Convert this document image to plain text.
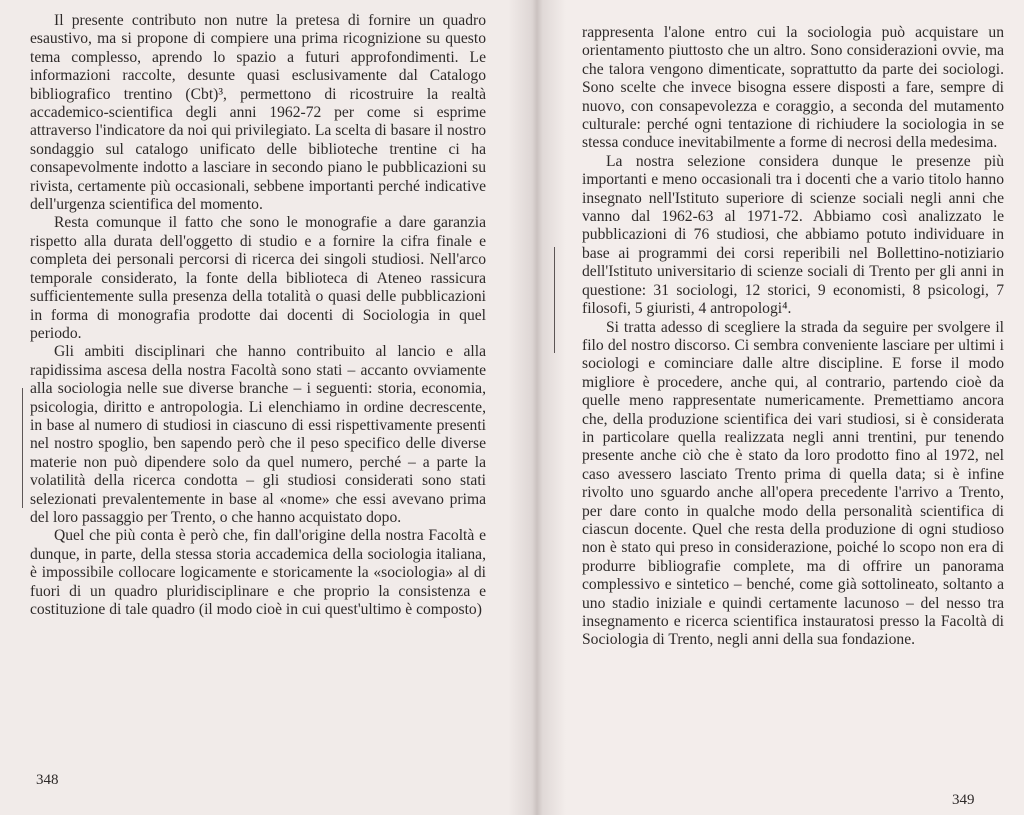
Il presente contributo non nutre la pretesa di fornire un quadro esaustivo, ma si propone di compiere una prima ricognizione su questo tema complesso, aprendo lo spazio a futuri approfondimenti. Le informazioni raccolte, desunte quasi esclusivamente dal Catalogo bibliografico trentino (Cbt)³, permettono di ricostruire la realtà accademico-scientifica degli anni 1962-72 per come si esprime attraverso l'indicatore da noi qui privilegiato. La scelta di basare il nostro sondaggio sul catalogo unificato delle biblioteche trentine ci ha consapevolmente indotto a lasciare in secondo piano le pubblicazioni su rivista, certamente più occasionali, sebbene importanti perché indicative dell'urgenza scientifica del momento.

Resta comunque il fatto che sono le monografie a dare garanzia rispetto alla durata dell'oggetto di studio e a fornire la cifra finale e completa dei personali percorsi di ricerca dei singoli studiosi. Nell'arco temporale considerato, la fonte della biblioteca di Ateneo rassicura sufficientemente sulla presenza della totalità o quasi delle pubblicazioni in forma di monografia prodotte dai docenti di Sociologia in quel periodo.

Gli ambiti disciplinari che hanno contribuito al lancio e alla rapidissima ascesa della nostra Facoltà sono stati – accanto ovviamente alla sociologia nelle sue diverse branche – i seguenti: storia, economia, psicologia, diritto e antropologia. Li elenchiamo in ordine decrescente, in base al numero di studiosi in ciascuno di essi rispettivamente presenti nel nostro spoglio, ben sapendo però che il peso specifico delle diverse materie non può dipendere solo da quel numero, perché – a parte la volatilità della ricerca condotta – gli studiosi considerati sono stati selezionati prevalentemente in base al «nome» che essi avevano prima del loro passaggio per Trento, o che hanno acquistato dopo.

Quel che più conta è però che, fin dall'origine della nostra Facoltà e dunque, in parte, della stessa storia accademica della sociologia italiana, è impossibile collocare logicamente e storicamente la «sociologia» al di fuori di un quadro pluridisciplinare e che proprio la consistenza e costituzione di tale quadro (il modo cioè in cui quest'ultimo è composto)

348

rappresenta l'alone entro cui la sociologia può acquistare un orientamento piuttosto che un altro. Sono considerazioni ovvie, ma che talora vengono dimenticate, soprattutto da parte dei sociologi. Sono scelte che invece bisogna essere disposti a fare, sempre di nuovo, con consapevolezza e coraggio, a seconda del mutamento culturale: perché ogni tentazione di richiudere la sociologia in se stessa conduce inevitabilmente a forme di necrosi della medesima.

La nostra selezione considera dunque le presenze più importanti e meno occasionali tra i docenti che a vario titolo hanno insegnato nell'Istituto superiore di scienze sociali negli anni che vanno dal 1962-63 al 1971-72. Abbiamo così analizzato le pubblicazioni di 76 studiosi, che abbiamo potuto individuare in base ai programmi dei corsi reperibili nel Bollettino-notiziario dell'Istituto universitario di scienze sociali di Trento per gli anni in questione: 31 sociologi, 12 storici, 9 economisti, 8 psicologi, 7 filosofi, 5 giuristi, 4 antropologi⁴.

Si tratta adesso di scegliere la strada da seguire per svolgere il filo del nostro discorso. Ci sembra conveniente lasciare per ultimi i sociologi e cominciare dalle altre discipline. E forse il modo migliore è procedere, anche qui, al contrario, partendo cioè da quelle meno rappresentate numericamente. Premettiamo ancora che, della produzione scientifica dei vari studiosi, si è considerata in particolare quella realizzata negli anni trentini, pur tenendo presente anche ciò che è stato da loro prodotto fino al 1972, nel caso avessero lasciato Trento prima di quella data; si è infine rivolto uno sguardo anche all'opera precedente l'arrivo a Trento, per dare conto in qualche modo della personalità scientifica di ciascun docente. Quel che resta della produzione di ogni studioso non è stato qui preso in considerazione, poiché lo scopo non era di produrre bibliografie complete, ma di offrire un panorama complessivo e sintetico – benché, come già sottolineato, soltanto a uno stadio iniziale e quindi certamente lacunoso – del nesso tra insegnamento e ricerca scientifica instauratosi presso la Facoltà di Sociologia di Trento, negli anni della sua fondazione.

349
